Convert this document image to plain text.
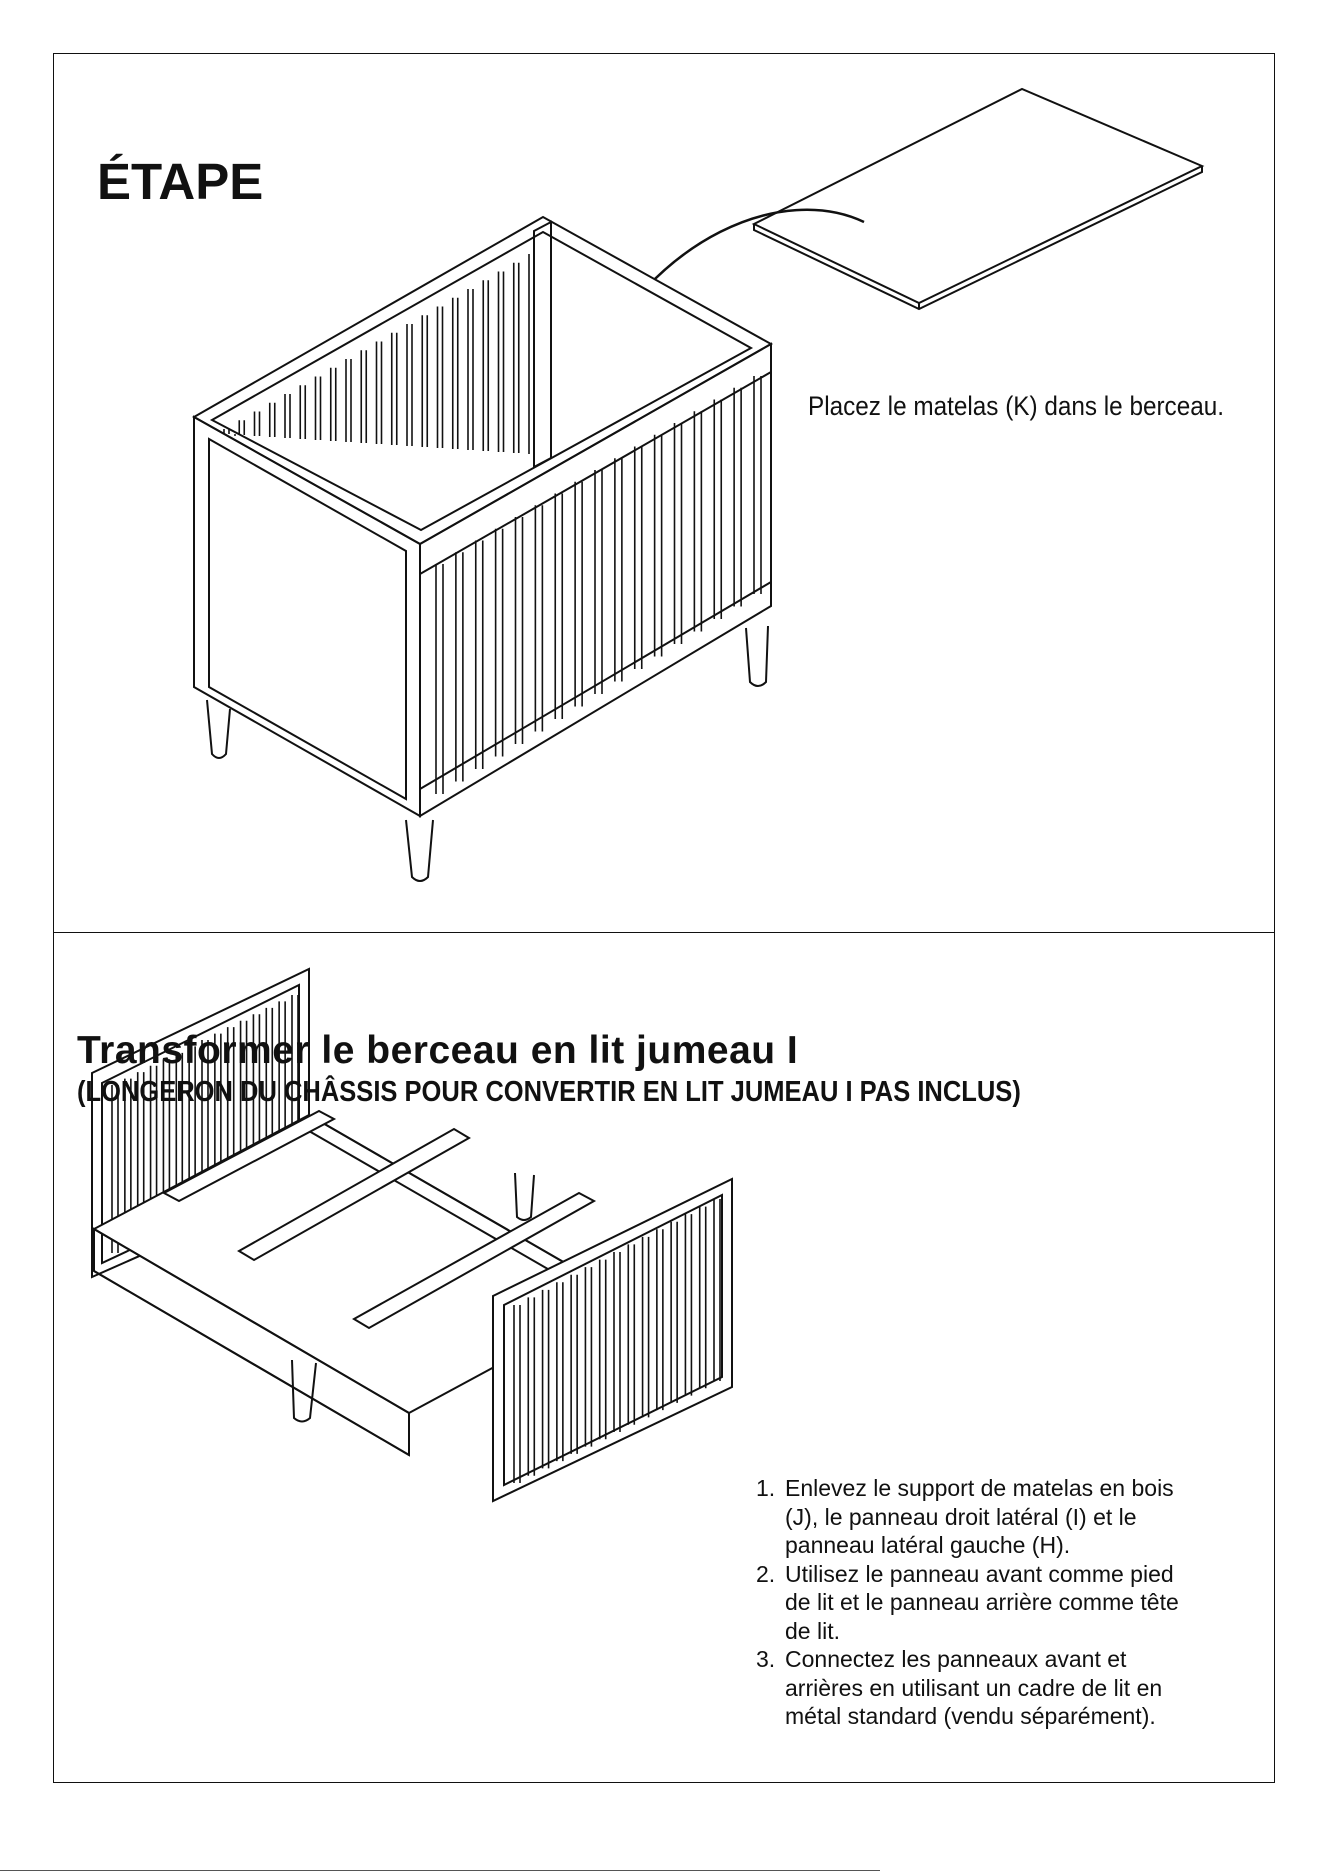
ÉTAPE
Placez le matelas (K) dans le berceau.
Transformer le berceau en lit jumeau I
(LONGERON DU CHÂSSIS POUR CONVERTIR EN LIT JUMEAU I PAS INCLUS)
1. Enlevez le support de matelas en bois (J), le panneau droit latéral (I) et le panneau latéral gauche (H).
2. Utilisez le panneau avant comme pied de lit et le panneau arrière comme tête de lit.
3. Connectez les panneaux avant et arrières en utilisant un cadre de lit en métal standard (vendu séparément).
